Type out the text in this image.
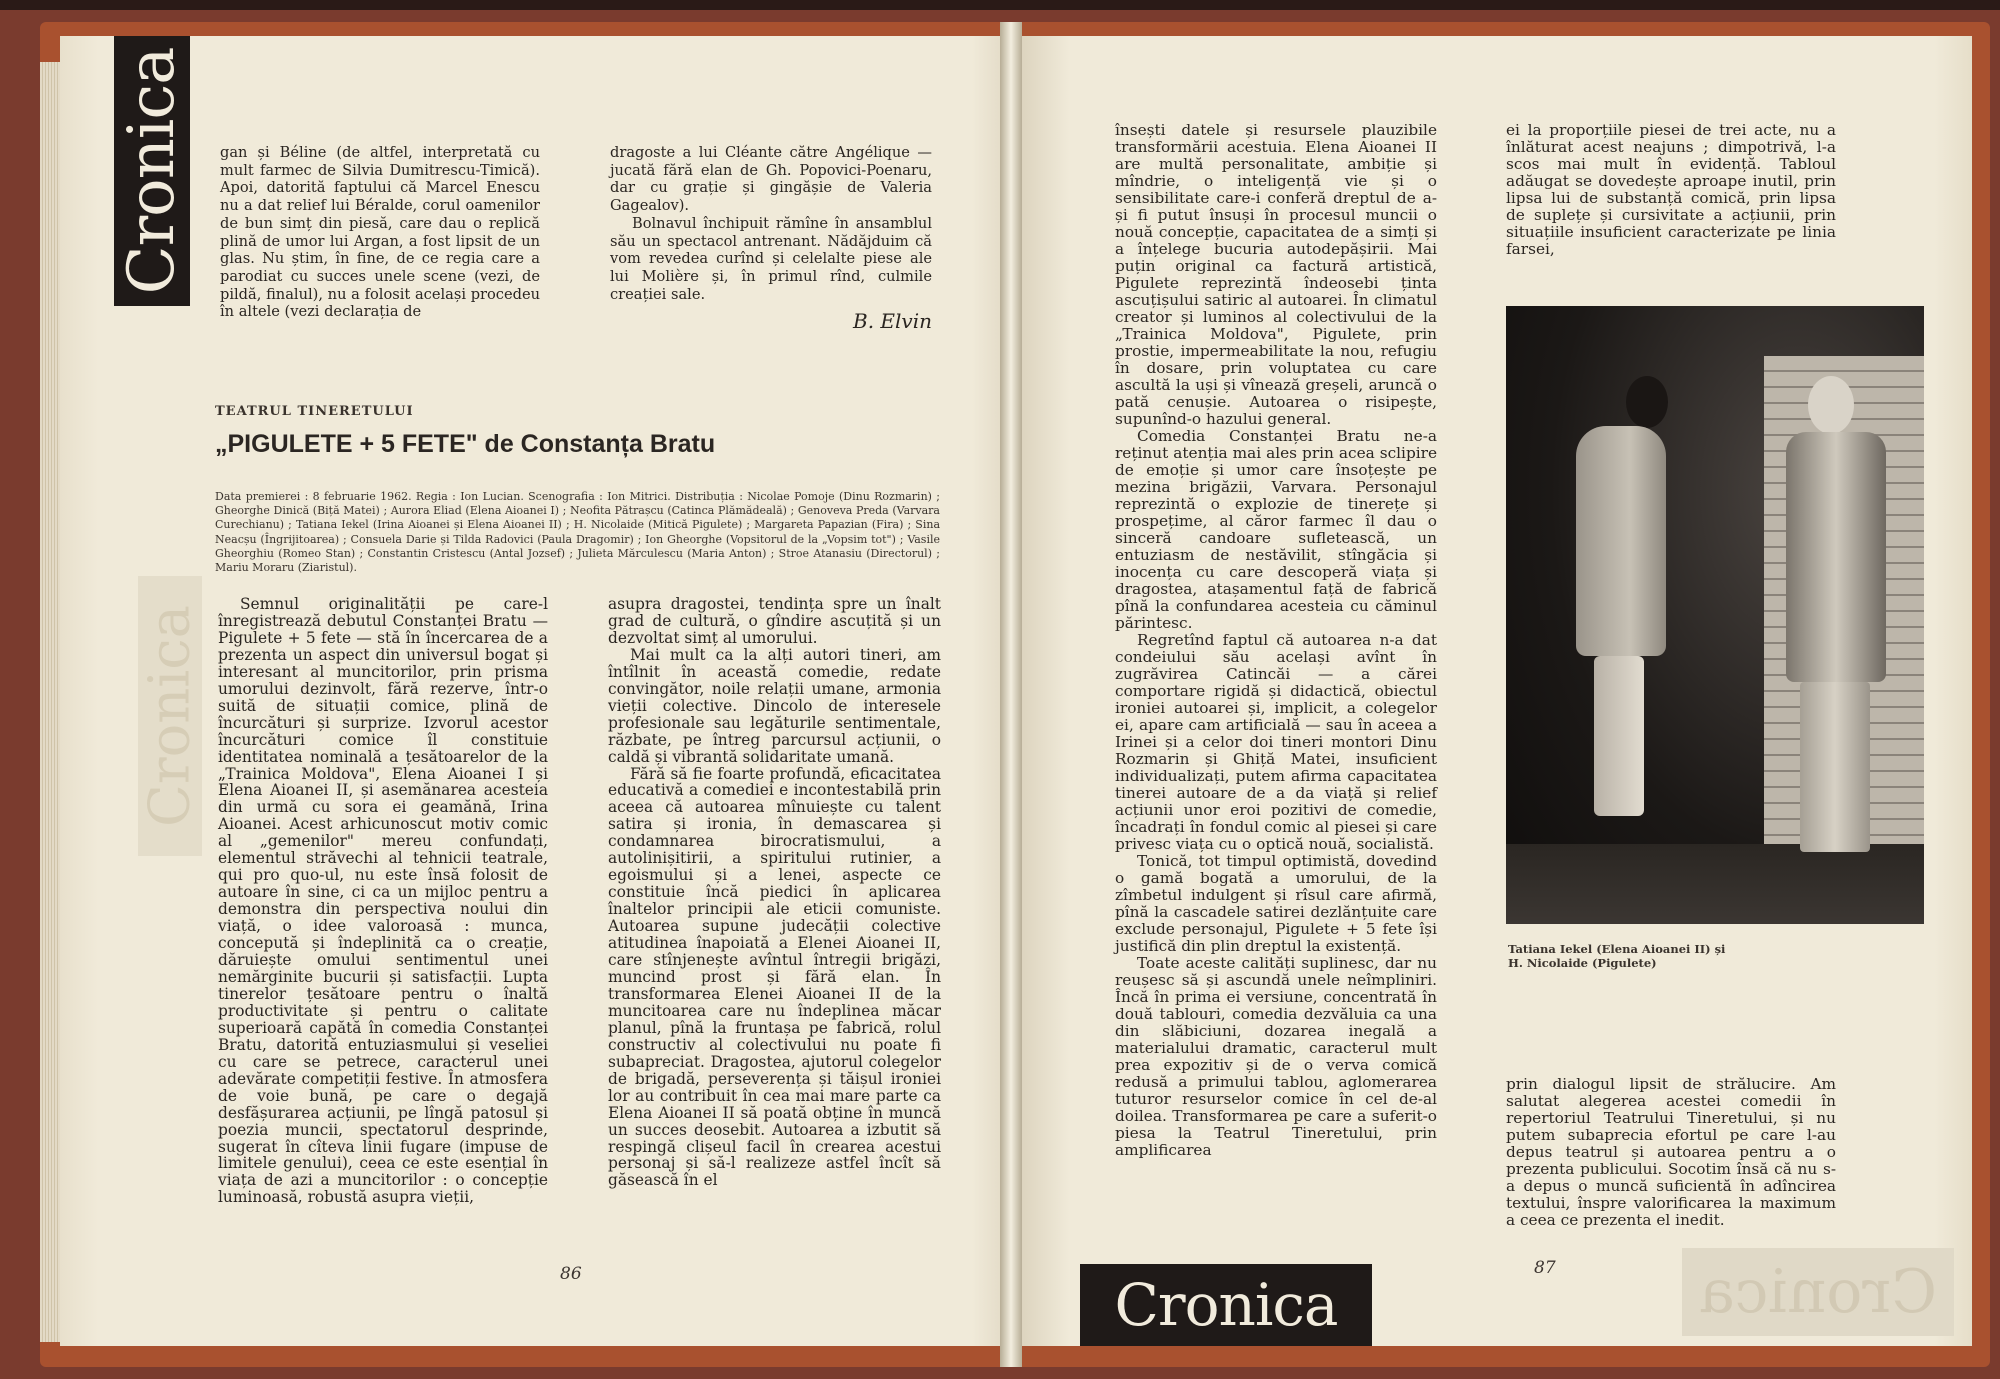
Cronica gan și Béline (de altfel, interpretată cu mult farmec de Silvia Dumitrescu-Timică). Apoi, datorită faptului că Marcel Enescu nu a dat relief lui Béralde, corul oamenilor de bun simț din piesă, care dau o replică plină de umor lui Argan, a fost lipsit de un glas. Nu știm, în fine, de ce regia care a parodiat cu succes unele scene (vezi, de pildă, finalul), nu a folosit același procedeu în altele (vezi declarația de

dragoste a lui Cléante către Angélique — jucată fără elan de Gh. Popovici-Poenaru, dar cu grație și gingășie de Valeria Gagealov).

Bolnavul închipuit rămîne în ansamblul său un spectacol antrenant. Nădăjduim că vom revedea curînd și celelalte piese ale lui Molière și, în primul rînd, culmile creației sale.

B. Elvin

TEATRUL TINERETULUI
„PIGULETE + 5 FETE" de Constanța Bratu
Data premierei : 8 februarie 1962. Regia : Ion Lucian. Scenografia : Ion Mitrici. Distribuția : Nicolae Pomoje (Dinu Rozmarin) ; Gheorghe Dinică (Biță Matei) ; Aurora Eliad (Elena Aioanei I) ; Neofita Pătrașcu (Catinca Plămădeală) ; Genoveva Preda (Varvara Curechianu) ; Tatiana Iekel (Irina Aioanei și Elena Aioanei II) ; H. Nicolaide (Mitică Pigulete) ; Margareta Papazian (Fira) ; Sina Neacșu (Îngrijitoarea) ; Consuela Darie și Tilda Radovici (Paula Dragomir) ; Ion Gheorghe (Vopsitorul de la „Vopsim tot") ; Vasile Gheorghiu (Romeo Stan) ; Constantin Cristescu (Antal Jozsef) ; Julieta Mărculescu (Maria Anton) ; Stroe Atanasiu (Directorul) ; Mariu Moraru (Ziaristul).
Cronica

Semnul originalității pe care-l înregistrează debutul Constanței Bratu — Pigulete + 5 fete — stă în încercarea de a prezenta un aspect din universul bogat și interesant al muncitorilor, prin prisma umorului dezinvolt, fără rezerve, într-o suită de situații comice, plină de încurcături și surprize. Izvorul acestor încurcături comice îl constituie identitatea nominală a țesătoarelor de la „Trainica Moldova", Elena Aioanei I și Elena Aioanei II, și asemănarea acesteia din urmă cu sora ei geamănă, Irina Aioanei. Acest arhicunoscut motiv comic al „gemenilor" mereu confundați, elementul străvechi al tehnicii teatrale, qui pro quo-ul, nu este însă folosit de autoare în sine, ci ca un mijloc pentru a demonstra din perspectiva noului din viață, o idee valoroasă : munca, concepută și îndeplinită ca o creație, dăruiește omului sentimentul unei nemărginite bucurii și satisfacții. Lupta tinerelor țesătoare pentru o înaltă productivitate și pentru o calitate superioară capătă în comedia Constanței Bratu, datorită entuziasmului și veseliei cu care se petrece, caracterul unei adevărate competiții festive. În atmosfera de voie bună, pe care o degajă desfășurarea acțiunii, pe lîngă patosul și poezia muncii, spectatorul desprinde, sugerat în cîteva linii fugare (impuse de limitele genului), ceea ce este esențial în viața de azi a muncitorilor : o concepție luminoasă, robustă asupra vieții,

asupra dragostei, tendința spre un înalt grad de cultură, o gîndire ascuțită și un dezvoltat simț al umorului.

Mai mult ca la alți autori tineri, am întîlnit în această comedie, redate convingător, noile relații umane, armonia vieții colective. Dincolo de interesele profesionale sau legăturile sentimentale, răzbate, pe întreg parcursul acțiunii, o caldă și vibrantă solidaritate umană.

Fără să fie foarte profundă, eficacitatea educativă a comediei e incontestabilă prin aceea că autoarea mînuiește cu talent satira și ironia, în demascarea și condamnarea birocratismului, a autolinișitirii, a spiritului rutinier, a egoismului și a lenei, aspecte ce constituie încă piedici în aplicarea înaltelor principii ale eticii comuniste. Autoarea supune judecății colective atitudinea înapoiată a Elenei Aioanei II, care stînjenește avîntul întregii brigăzi, muncind prost și fără elan. În transformarea Elenei Aioanei II de la muncitoarea care nu îndeplinea măcar planul, pînă la fruntașa pe fabrică, rolul constructiv al colectivului nu poate fi subapreciat. Dragostea, ajutorul colegelor de brigadă, perseverența și tăișul ironiei lor au contribuit în cea mai mare parte ca Elena Aioanei II să poată obține în muncă un succes deosebit. Autoarea a izbutit să respingă clișeul facil în crearea acestui personaj și să-l realizeze astfel încît să găsească în el

86

însești datele și resursele plauzibile transformării acestuia. Elena Aioanei II are multă personalitate, ambiție și mîndrie, o inteligență vie și o sensibilitate care-i conferă dreptul de a-și fi putut însuși în procesul muncii o nouă concepție, capacitatea de a simți și a înțelege bucuria autodepășirii. Mai puțin original ca factură artistică, Pigulete reprezintă îndeosebi ținta ascuțișului satiric al autoarei. În climatul creator și luminos al colectivului de la „Trainica Moldova", Pigulete, prin prostie, impermeabilitate la nou, refugiu în dosare, prin voluptatea cu care ascultă la uși și vînează greșeli, aruncă o pată cenușie. Autoarea o risipește, supunînd-o hazului general.

Comedia Constanței Bratu ne-a reținut atenția mai ales prin acea sclipire de emoție și umor care însoțește pe mezina brigăzii, Varvara. Personajul reprezintă o explozie de tinerețe și prospețime, al căror farmec îl dau o sinceră candoare sufletească, un entuziasm de nestăvilit, stîngăcia și inocența cu care descoperă viața și dragostea, atașamentul față de fabrică pînă la confundarea acesteia cu căminul părintesc.

Regretînd faptul că autoarea n-a dat condeiului său același avînt în zugrăvirea Catincăi — a cărei comportare rigidă și didactică, obiectul ironiei autoarei și, implicit, a colegelor ei, apare cam artificială — sau în aceea a Irinei și a celor doi tineri montori Dinu Rozmarin și Ghiță Matei, insuficient individualizați, putem afirma capacitatea tinerei autoare de a da viață și relief acțiunii unor eroi pozitivi de comedie, încadrați în fondul comic al piesei și care privesc viața cu o optică nouă, socialistă.

Tonică, tot timpul optimistă, dovedind o gamă bogată a umorului, de la zîmbetul indulgent și rîsul care afirmă, pînă la cascadele satirei dezlănțuite care exclude personajul, Pigulete + 5 fete își justifică din plin dreptul la existență.

Toate aceste calități suplinesc, dar nu reușesc să și ascundă unele neîmpliniri. Încă în prima ei versiune, concentrată în două tablouri, comedia dezvăluia ca una din slăbiciuni, dozarea inegală a materialului dramatic, caracterul mult prea expozitiv și de o verva comică redusă a primului tablou, aglomerarea tuturor resurselor comice în cel de-al doilea. Transformarea pe care a suferit-o piesa la Teatrul Tineretului, prin amplificarea

ei la proporțiile piesei de trei acte, nu a înlăturat acest neajuns ; dimpotrivă, l-a scos mai mult în evidență. Tabloul adăugat se dovedește aproape inutil, prin lipsa lui de substanță comică, prin lipsa de suplețe și cursivitate a acțiunii, prin situațiile insuficient caracterizate pe linia farsei,

Tatiana Iekel (Elena Aioanei II) și
H. Nicolaide (Pigulete)

prin dialogul lipsit de strălucire. Am salutat alegerea acestei comedii în repertoriul Teatrului Tineretului, și nu putem subaprecia efortul pe care l-au depus teatrul și autoarea pentru a o prezenta publicului. Socotim însă că nu s-a depus o muncă suficientă în adîncirea textului, înspre valorificarea la maximum a ceea ce prezenta el inedit.

Cronica
87 Cronica
